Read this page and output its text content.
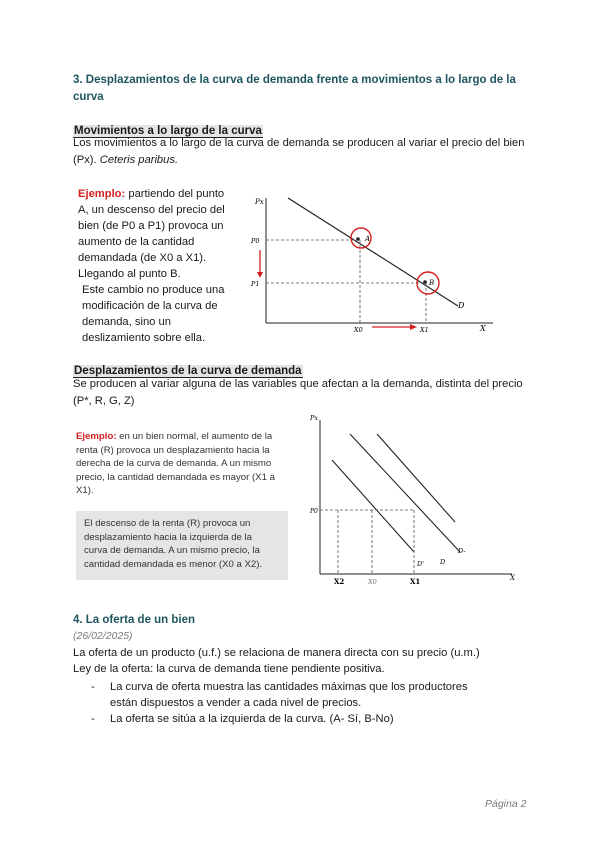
3. Desplazamientos de la curva de demanda frente a movimientos a lo largo de la curva
Movimientos a lo largo de la curva
Los movimientos a lo largo de la curva de demanda se producen al variar el precio del bien (Px). Ceteris paribus.
Ejemplo: partiendo del punto
A, un descenso del precio del
bien (de P0 a P1) provoca un
aumento de la cantidad
demandada (de X0 a X1).
Llegando al punto B.
Este cambio no produce una
modificación de la curva de
demanda, sino un
deslizamiento sobre ella.
Px
X
D
P0
P1
A
B
X0	X1
Desplazamientos de la curva de demanda
Se producen al variar alguna de las variables que afectan a la demanda, distinta del precio (P*, R, G, Z)
Ejemplo: en un bien normal, el aumento de la
renta (R) provoca un desplazamiento hacia la
derecha de la curva de demanda. A un mismo
precio, la cantidad demandada es mayor (X1 a
X1).
El descenso de la renta (R) provoca un
desplazamiento hacia la izquierda de la
curva de demanda. A un mismo precio, la
cantidad demandada es menor (X0 a X2).
Px
X
D-
D
D'
P0
X2	X0	X1
4. La oferta de un bien
(26/02/2025)
La oferta de un producto (u.f.) se relaciona de manera directa con su precio (u.m.)
Ley de la oferta: la curva de demanda tiene pendiente positiva.
- La curva de oferta muestra las cantidades máximas que los productores
están dispuestos a vender a cada nivel de precios.
- La oferta se sitúa a la izquierda de la curva. (A- Sí, B-No)
Página 2
